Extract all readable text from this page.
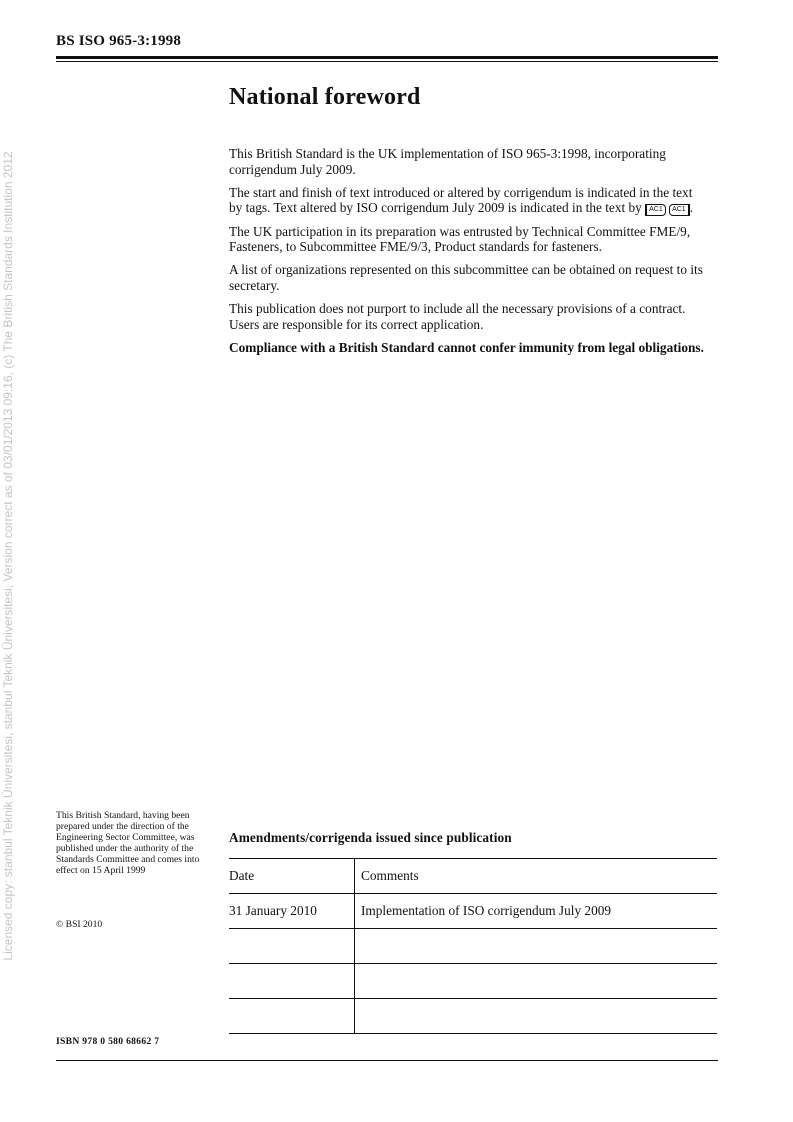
Licensed copy: stanbul Teknik Üniversitesi, stanbul Teknik Üniversitesi, Version correct as of 03/01/2013 09:16, (c) The British Standards Institution 2012
BS ISO 965-3:1998
National foreword

This British Standard is the UK implementation of ISO 965-3:1998, incorporating corrigendum July 2009.

The start and finish of text introduced or altered by corrigendum is indicated in the text by tags. Text altered by ISO corrigendum July 2009 is indicated in the text by AC1 AC1 .

The UK participation in its preparation was entrusted by Technical Committee FME/9, Fasteners, to Subcommittee FME/9/3, Product standards for fasteners.

A list of organizations represented on this subcommittee can be obtained on request to its secretary.

This publication does not purport to include all the necessary provisions of a contract. Users are responsible for its correct application.

Compliance with a British Standard cannot confer immunity from legal obligations.

This British Standard, having been prepared under the direction of the Engineering Sector Committee, was published under the authority of the Standards Committee and comes into effect on 15 April 1999
© BSI 2010
Amendments/corrigenda issued since publication
Date	Comments
31 January 2010	Implementation of ISO corrigendum July 2009

ISBN 978 0 580 68662 7
